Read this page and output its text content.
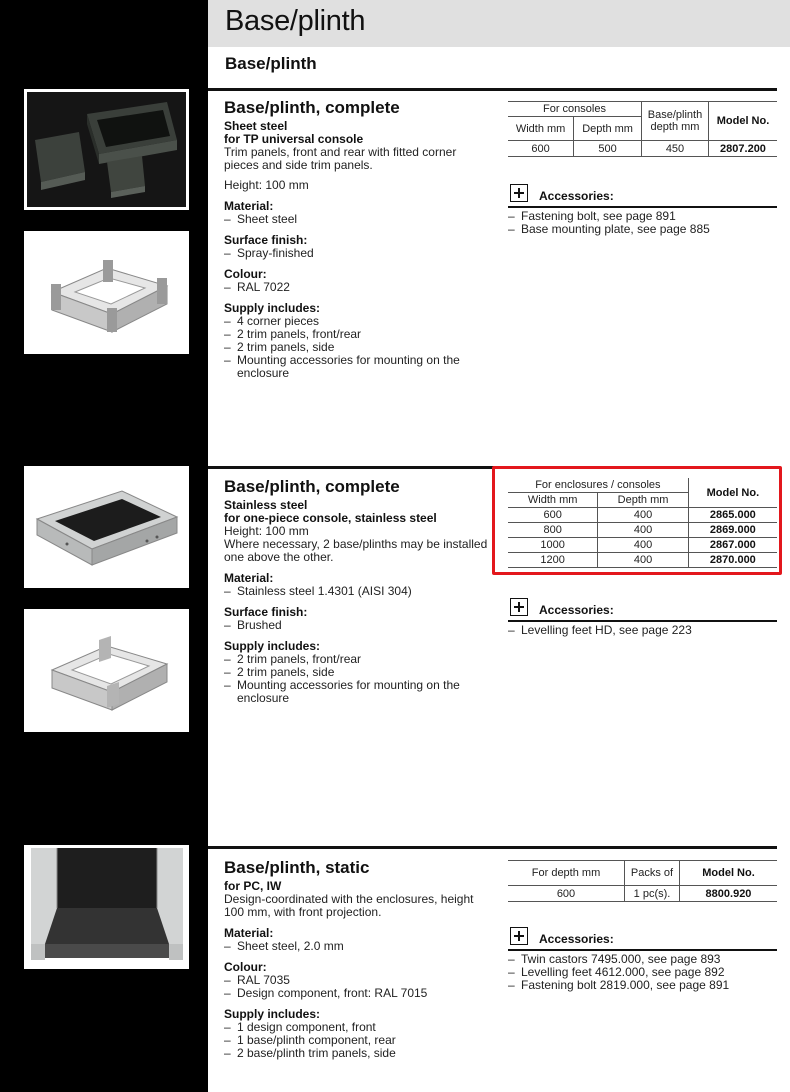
Base/plinth
Base/plinth
Base/plinth, complete
Sheet steel
for TP universal console

Trim panels, front and rear with fitted corner pieces and side trim panels.

Height: 100 mm

Material:
– Sheet steel
Surface finish:
– Spray-finished
Colour:
– RAL 7022
Supply includes:
– 4 corner pieces
– 2 trim panels, front/rear
– 2 trim panels, side
– Mounting accessories for mounting on the enclosure
For consoles		Base/plinth depth mm	Model No.
Width mm	Depth mm		
600	500	450	2807.200
Accessories:
– Fastening bolt, see page 891
– Base mounting plate, see page 885
Base/plinth, complete
Stainless steel
for one-piece console, stainless steel

Height: 100 mm

Where necessary, 2 base/plinths may be installed one above the other.

Material:
– Stainless steel 1.4301 (AISI 304)
Surface finish:
– Brushed
Supply includes:
– 2 trim panels, front/rear
– 2 trim panels, side
– Mounting accessories for mounting on the enclosure
For enclosures / consoles		Model No.
Width mm	Depth mm	
600	400	2865.000
800	400	2869.000
1000	400	2867.000
1200	400	2870.000
Accessories:
– Levelling feet HD, see page 223
Base/plinth, static
for PC, IW

Design-coordinated with the enclosures, height 100 mm, with front projection.

Material:
– Sheet steel, 2.0 mm
Colour:
– RAL 7035
– Design component, front: RAL 7015
Supply includes:
– 1 design component, front
– 1 base/plinth component, rear
– 2 base/plinth trim panels, side
For depth mm	Packs of	Model No.
600	1 pc(s).	8800.920
Accessories:
– Twin castors 7495.000, see page 893
– Levelling feet 4612.000, see page 892
– Fastening bolt 2819.000, see page 891
